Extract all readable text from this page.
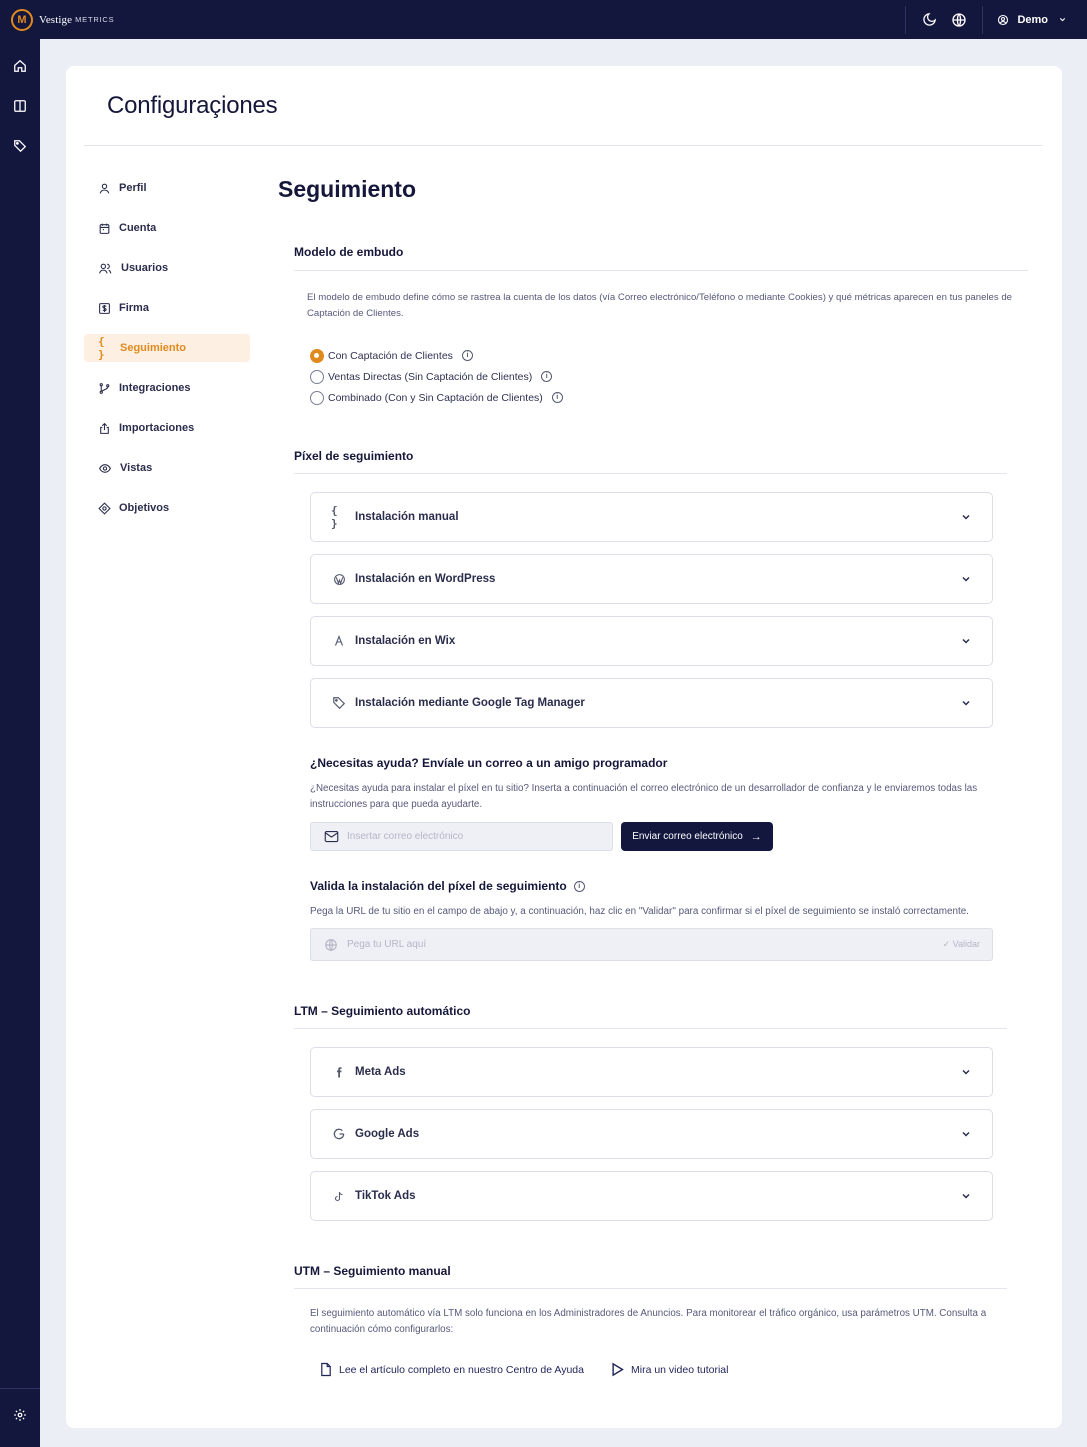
M Vestige METRICS	Demo
Configuraçiones
Perfil
Cuenta
Usuarios
Firma
{ }	Seguimiento
Integraciones
Importaciones
Vistas
Objetivos
Seguimiento
Modelo de embudo

El modelo de embudo define cómo se rastrea la cuenta de los datos (vía Correo electrónico/Teléfono o mediante Cookies) y qué métricas aparecen en tus paneles de Captación de Clientes.

Con Captación de Clientes	i
Ventas Directas (Sin Captación de Clientes)	i
Combinado (Con y Sin Captación de Clientes)	i
Píxel de seguimiento
{ }	Instalación manual
Instalación en WordPress
Instalación en Wix
Instalación mediante Google Tag Manager
¿Necesitas ayuda? Envíale un correo a un amigo programador

¿Necesitas ayuda para instalar el píxel en tu sitio? Inserta a continuación el correo electrónico de un desarrollador de confianza y le enviaremos todas las instrucciones para que pueda ayudarte.

Insertar correo electrónico	Enviar correo electrónico →
Valida la instalación del píxel de seguimiento	i

Pega la URL de tu sitio en el campo de abajo y, a continuación, haz clic en "Validar" para confirmar si el píxel de seguimiento se instaló correctamente.

Pega tu URL aquí	✓ Validar
LTM – Seguimiento automático
Meta Ads
Google Ads
TikTok Ads
UTM – Seguimiento manual

El seguimiento automático vía LTM solo funciona en los Administradores de Anuncios. Para monitorear el tráfico orgánico, usa parámetros UTM. Consulta a continuación cómo configurarlos:

Lee el artículo completo en nuestro Centro de Ayuda	Mira un video tutorial
